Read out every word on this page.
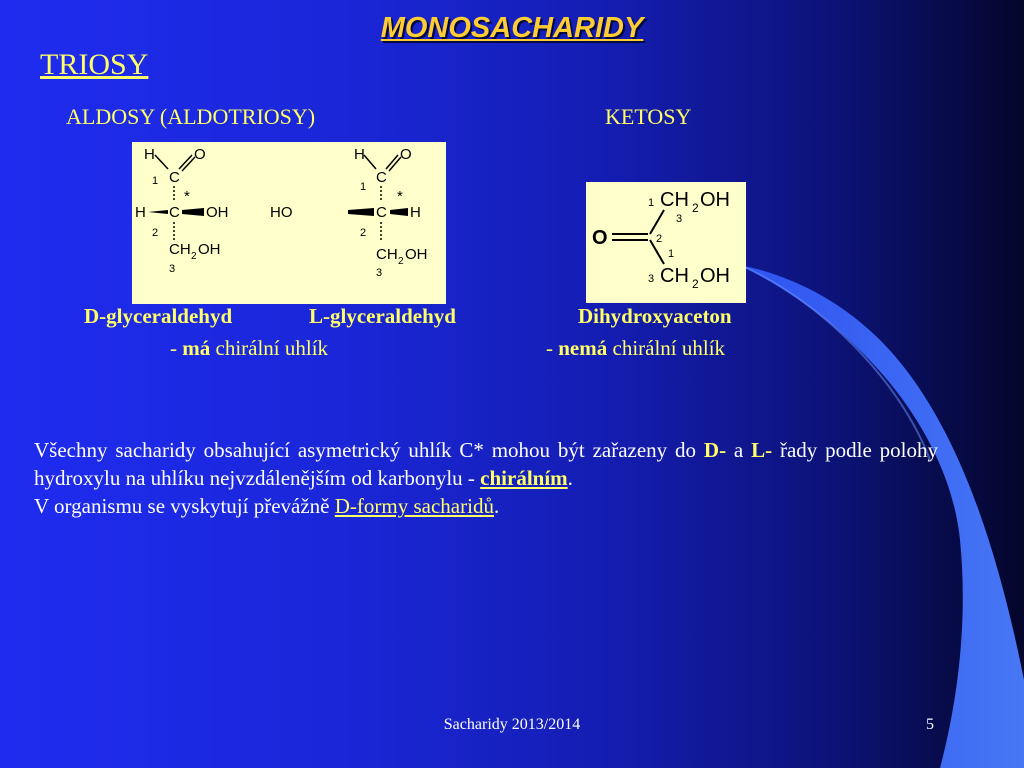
MONOSACHARIDY
TRIOSY
ALDOSY (ALDOTRIOSY)	KETOSY
H	O
C
1
*
H C OH
2
CH 2 OH
3
H O
C
1
*
HO	C H
2
CH 2 OH
3
1 CH 2 OH
3
O	2
1
3 CH 2 OH
D-glyceraldehyd	L-glyceraldehyd	Dihydroxyaceton
- má chirální uhlík	- nemá chirální uhlík
Všechny sacharidy obsahující asymetrický uhlík C* mohou být zařazeny do D- a L- řady podle polohy hydroxylu na uhlíku nejvzdálenějším od karbonylu - chirálním.
V organismu se vyskytují převážně D-formy sacharidů.
Sacharidy 2013/2014	5
